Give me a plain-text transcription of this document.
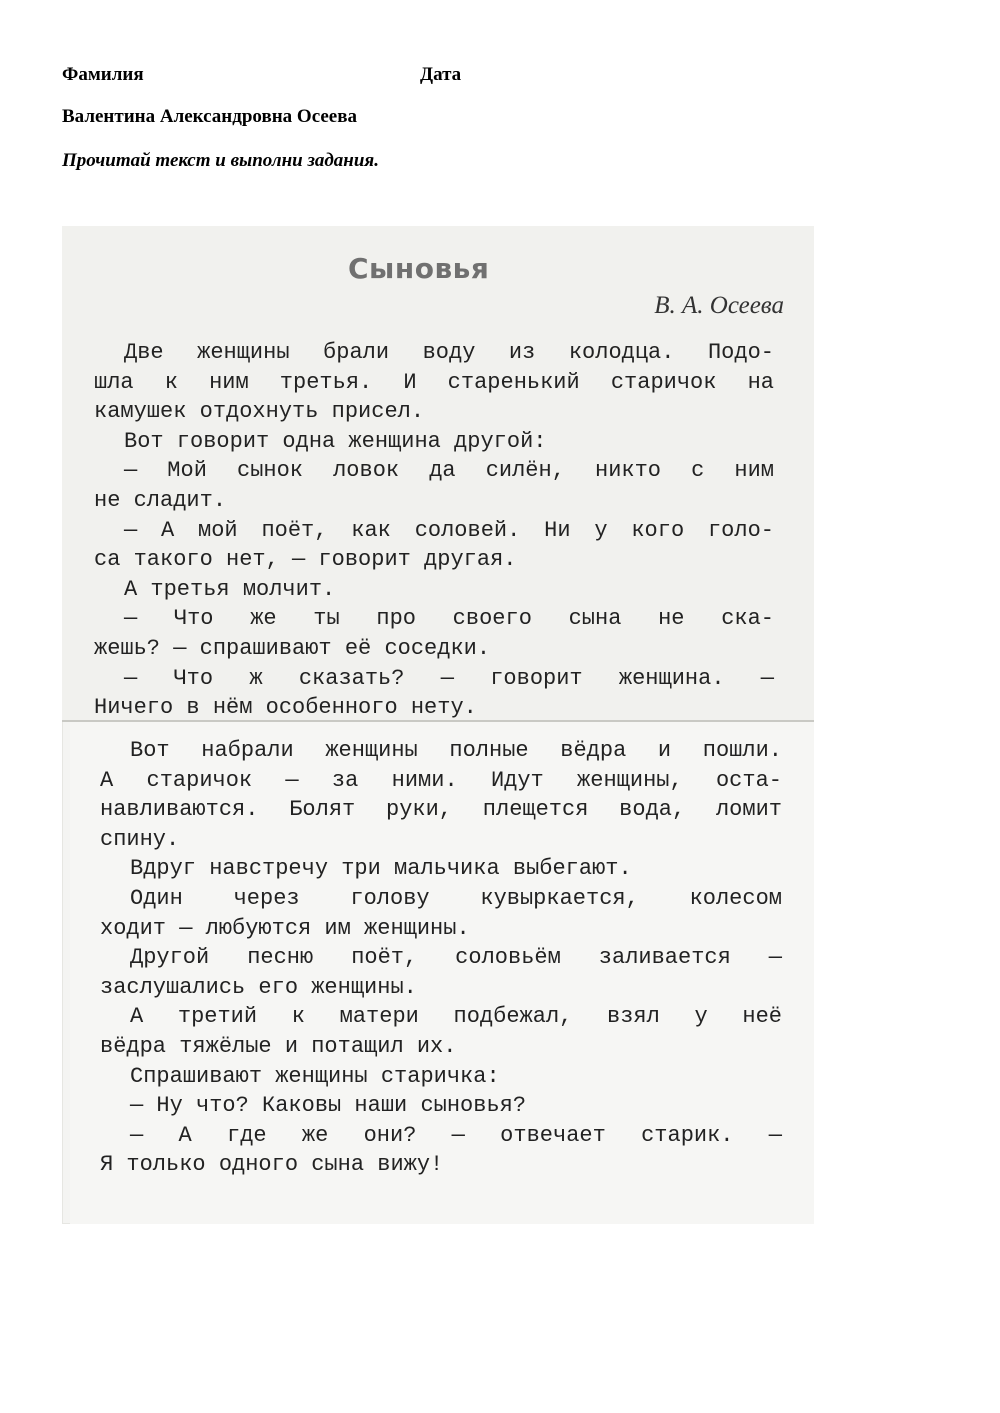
Фамилия	Дата
Валентина Александровна Осеева
Прочитай текст и выполни задания.
Сыновья
В. А. Осеева
Две женщины брали воду из колодца. Подо-
шла к ним третья. И старенький старичок на
камушек отдохнуть присел.
Вот говорит одна женщина другой:
— Мой сынок ловок да силён, никто с ним
не сладит.
— А мой поёт, как соловей. Ни у кого голо-
са такого нет, — говорит другая.
А третья молчит.
— Что же ты про своего сына не ска-
жешь? — спрашивают её соседки.
— Что ж сказать? — говорит женщина. —
Ничего в нём особенного нету.
Вот набрали женщины полные вёдра и пошли.
А старичок — за ними. Идут женщины, оста-
навливаются. Болят руки, плещется вода, ломит
спину.
Вдруг навстречу три мальчика выбегают.
Один через голову кувыркается, колесом
ходит — любуются им женщины.
Другой песню поёт, соловьём заливается —
заслушались его женщины.
А третий к матери подбежал, взял у неё
вёдра тяжёлые и потащил их.
Спрашивают женщины старичка:
— Ну что? Каковы наши сыновья?
— А где же они? — отвечает старик. —
Я только одного сына вижу!
